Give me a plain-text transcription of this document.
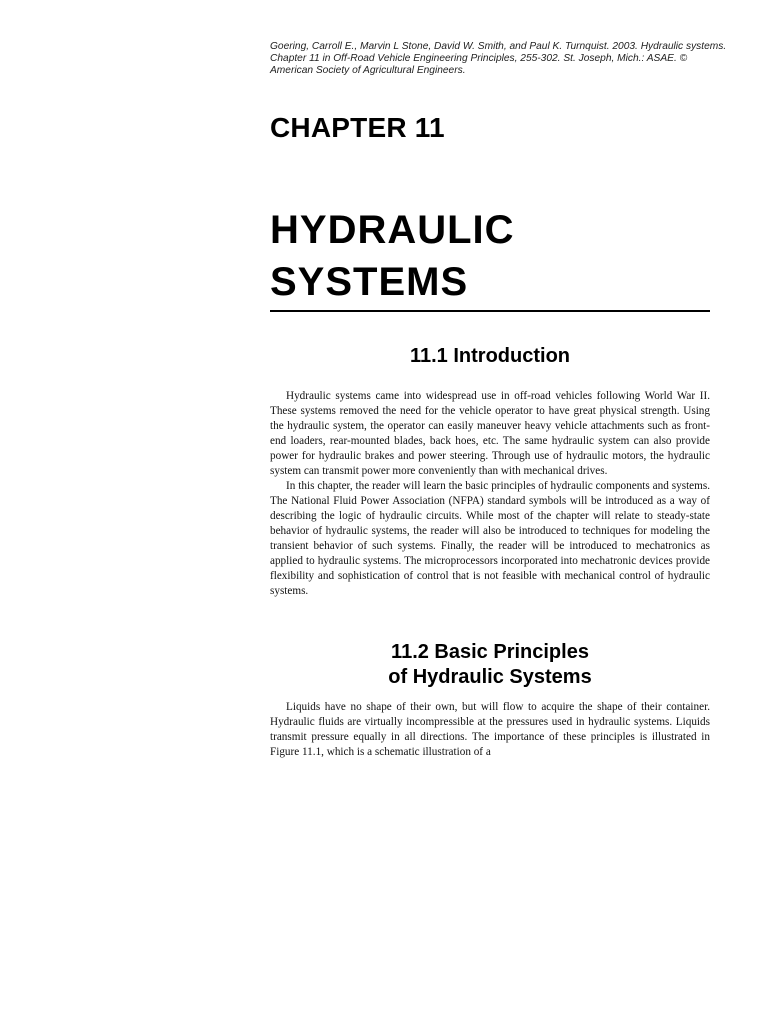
Goering, Carroll E., Marvin L Stone, David W. Smith, and Paul K. Turnquist. 2003. Hydraulic systems. Chapter 11 in Off-Road Vehicle Engineering Principles, 255-302. St. Joseph, Mich.: ASAE. © American Society of Agricultural Engineers.
CHAPTER 11
HYDRAULIC
SYSTEMS
11.1 Introduction

Hydraulic systems came into widespread use in off-road vehicles following World War II. These systems removed the need for the vehicle operator to have great physical strength. Using the hydraulic system, the operator can easily maneuver heavy vehicle attachments such as front-end loaders, rear-mounted blades, back hoes, etc. The same hydraulic system can also provide power for hydraulic brakes and power steering. Through use of hydraulic motors, the hydraulic system can transmit power more conveniently than with mechanical drives.

In this chapter, the reader will learn the basic principles of hydraulic components and systems. The National Fluid Power Association (NFPA) standard symbols will be introduced as a way of describing the logic of hydraulic circuits. While most of the chapter will relate to steady-state behavior of hydraulic systems, the reader will also be introduced to techniques for modeling the transient behavior of such systems. Finally, the reader will be introduced to mechatronics as applied to hydraulic systems. The microprocessors incorporated into mechatronic devices provide flexibility and sophistication of control that is not feasible with mechanical control of hydraulic systems.

11.2 Basic Principles
of Hydraulic Systems

Liquids have no shape of their own, but will flow to acquire the shape of their container. Hydraulic fluids are virtually incompressible at the pressures used in hydraulic systems. Liquids transmit pressure equally in all directions. The importance of these principles is illustrated in Figure 11.1, which is a schematic illustration of a
